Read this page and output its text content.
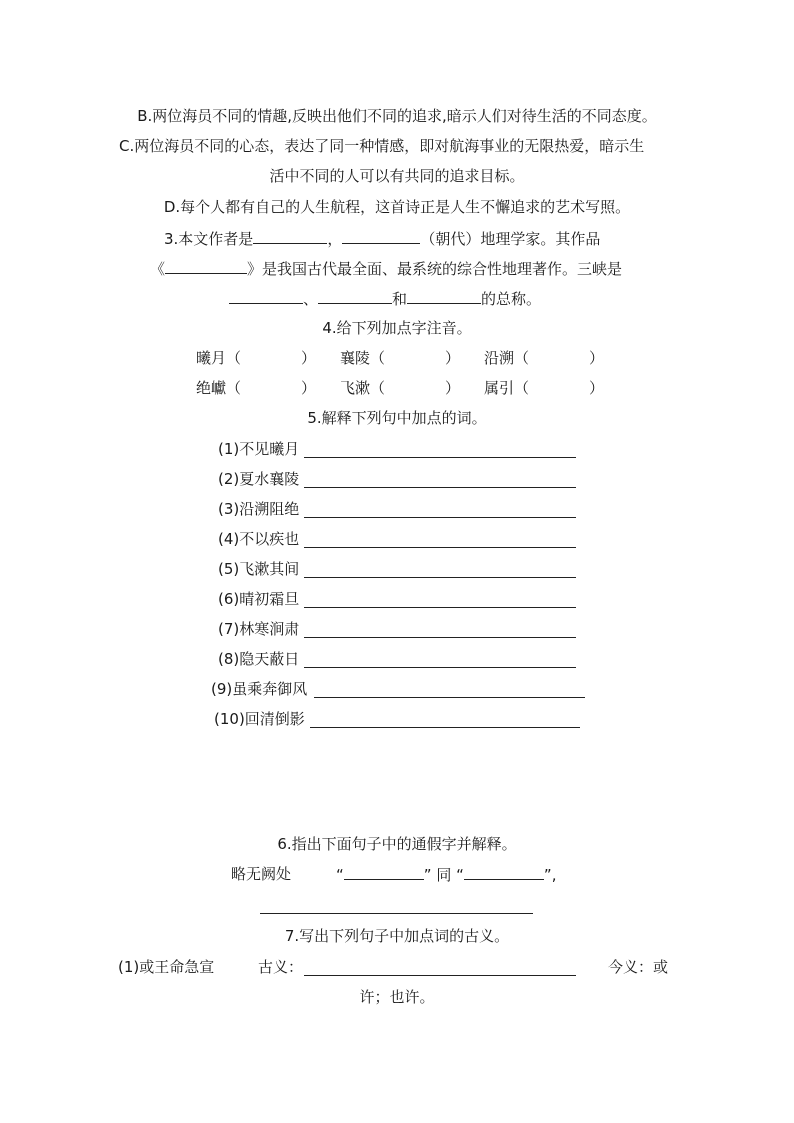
B.两位海员不同的情趣,反映出他们不同的追求,暗示人们对待生活的不同态度。
C.两位海员不同的心态，表达了同一种情感，即对航海事业的无限热爱，暗示生
活中不同的人可以有共同的追求目标。
D.每个人都有自己的人生航程，这首诗正是人生不懈追求的艺术写照。
3.本文作者是	，	（朝代）地理学家。其作品
《	》是我国古代最全面、最系统的综合性地理著作。三峡是
、	和	的总称。
4.给下列加点字注音。
曦月（	） 襄陵（	） 沿溯（	）
绝巘（	） 飞漱（	） 属引（	）
5.解释下列句中加点的词。
(1)不见曦月
(2)夏水襄陵
(3)沿溯阻绝
(4)不以疾也
(5)飞漱其间
(6)晴初霜旦
(7)林寒涧肃
(8)隐天蔽日
(9)虽乘奔御风
(10)回清倒影
6.指出下面句子中的通假字并解释。
略无阙处	“	” 同 “	”,
7.写出下列句子中加点词的古义。
(1)或王命急宣	古义：	今义：或
许；也许。
